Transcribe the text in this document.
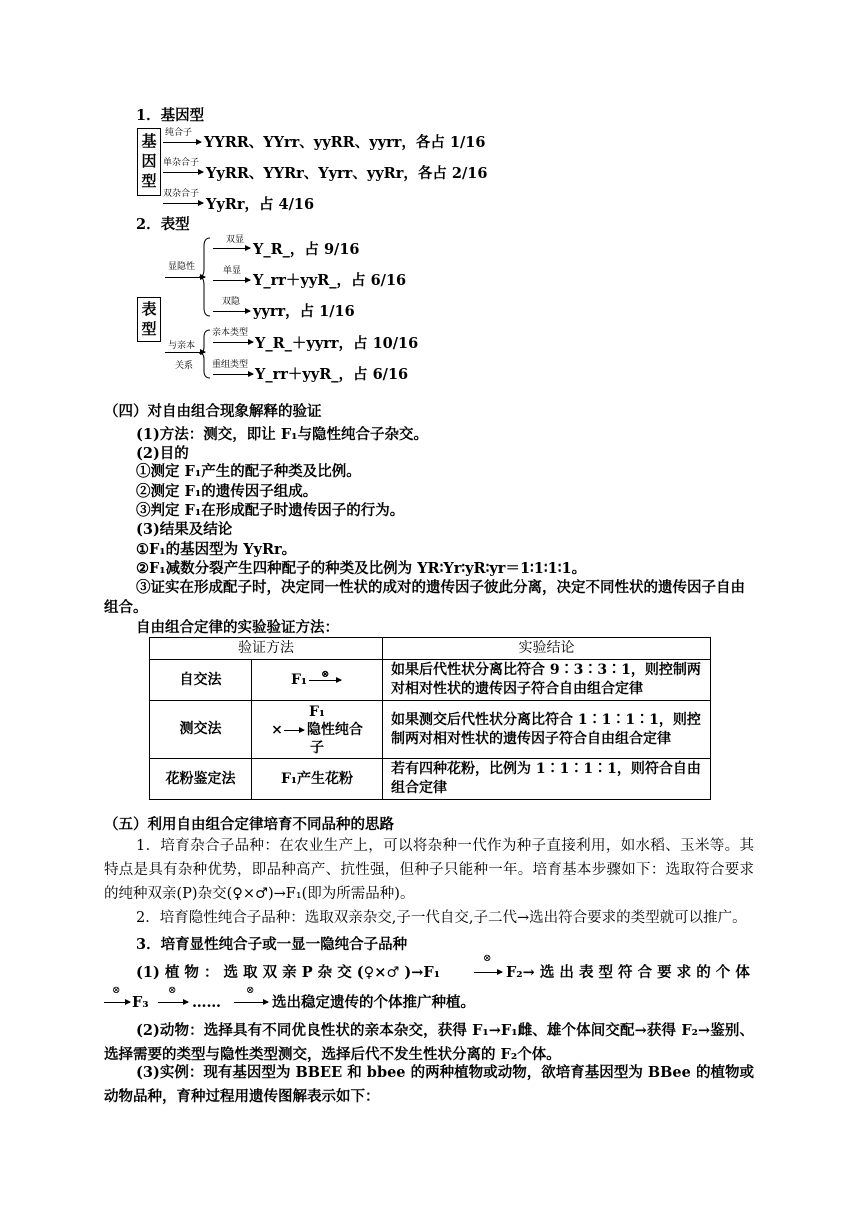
1．基因型
基因型
纯合子
YYRR、YYrr、yyRR、yyrr，各占 1/16
单杂合子
YyRR、YYRr、Yyrr、yyRr，各占 2/16
双杂合子
YyRr，占 4/16
2．表型
表型
显隐性
双显
Y_R_，占 9/16
单显
Y_rr＋yyR_，占 6/16
双隐
yyrr，占 1/16
与亲本
关系
亲本类型
Y_R_＋yyrr，占 10/16
重组类型
Y_rr＋yyR_，占 6/16
（四）对自由组合现象解释的验证
(1)方法：测交，即让 F₁与隐性纯合子杂交。
(2)目的
①测定 F₁产生的配子种类及比例。
②测定 F₁的遗传因子组成。
③判定 F₁在形成配子时遗传因子的行为。
(3)结果及结论
①F₁的基因型为 YyRr。
②F₁减数分裂产生四种配子的种类及比例为 YR∶Yr∶yR∶yr＝1∶1∶1∶1。
③证实在形成配子时，决定同一性状的成对的遗传因子彼此分离，决定不同性状的遗传因子自由组合。
自由组合定律的实验验证方法：
验证方法		实验结论
自交法	F₁ ⊗	如果后代性状分离比符合 9∶3∶3∶1，则控制两对相对性状的遗传因子符合自由组合定律
测交法	F₁
× 隐性纯合
子	如果测交后代性状分离比符合 1∶1∶1∶1，则控制两对相对性状的遗传因子符合自由组合定律
花粉鉴定法	F₁产生花粉	若有四种花粉，比例为 1∶1∶1∶1，则符合自由组合定律
（五）利用自由组合定律培育不同品种的思路
1．培育杂合子品种：在农业生产上，可以将杂种一代作为种子直接利用，如水稻、玉米等。其特点是具有杂种优势，即品种高产、抗性强，但种子只能种一年。培育基本步骤如下：选取符合要求的纯种双亲(P)杂交(♀×♂)→F₁(即为所需品种)。
2．培育隐性纯合子品种：选取双亲杂交,子一代自交,子二代→选出符合要求的类型就可以推广。
3．培育显性纯合子或一显一隐纯合子品种
(1) 植 物 ： 选 取 双 亲 P 杂 交 (♀×♂ )→F₁
⊗
F₂→ 选 出 表 型 符 合 要 求 的 个 体
⊗
F₃
⊗
……
⊗
选出稳定遗传的个体推广种植。
(2)动物：选择具有不同优良性状的亲本杂交，获得 F₁→F₁雌、雄个体间交配→获得 F₂→鉴别、选择需要的类型与隐性类型测交，选择后代不发生性状分离的 F₂个体。
(3)实例：现有基因型为 BBEE 和 bbee 的两种植物或动物，欲培育基因型为 BBee 的植物或动物品种，育种过程用遗传图解表示如下：
